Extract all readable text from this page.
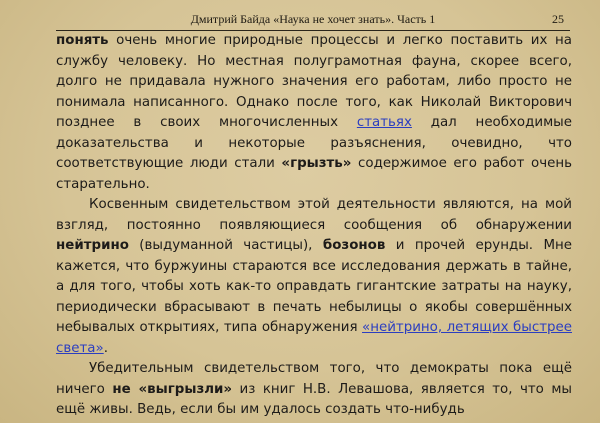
Дмитрий Байда «Наука не хочет знать». Часть 1	25

понять очень многие природные процессы и легко поставить их на службу человеку. Но местная полуграмотная фауна, скорее всего, долго не придавала нужного значения его работам, либо просто не понимала написанного. Однако после того, как Николай Викторович позднее в своих многочисленных статьях дал необходимые доказательства и некоторые разъяснения, очевидно, что соответствующие люди стали «грызть» содержимое его работ очень старательно.

Косвенным свидетельством этой деятельности являются, на мой взгляд, постоянно появляющиеся сообщения об обнаружении нейтрино (выдуманной частицы), бозонов и прочей ерунды. Мне кажется, что буржуины стараются все исследования держать в тайне, а для того, чтобы хоть как-то оправдать гигантские затраты на науку, периодически вбрасывают в печать небылицы о якобы совершённых небывалых открытиях, типа обнаружения «нейтрино, летящих быстрее света».

Убедительным свидетельством того, что демократы пока ещё ничего не «выгрызли» из книг Н.В. Левашова, является то, что мы ещё живы. Ведь, если бы им удалось создать что-нибудь
